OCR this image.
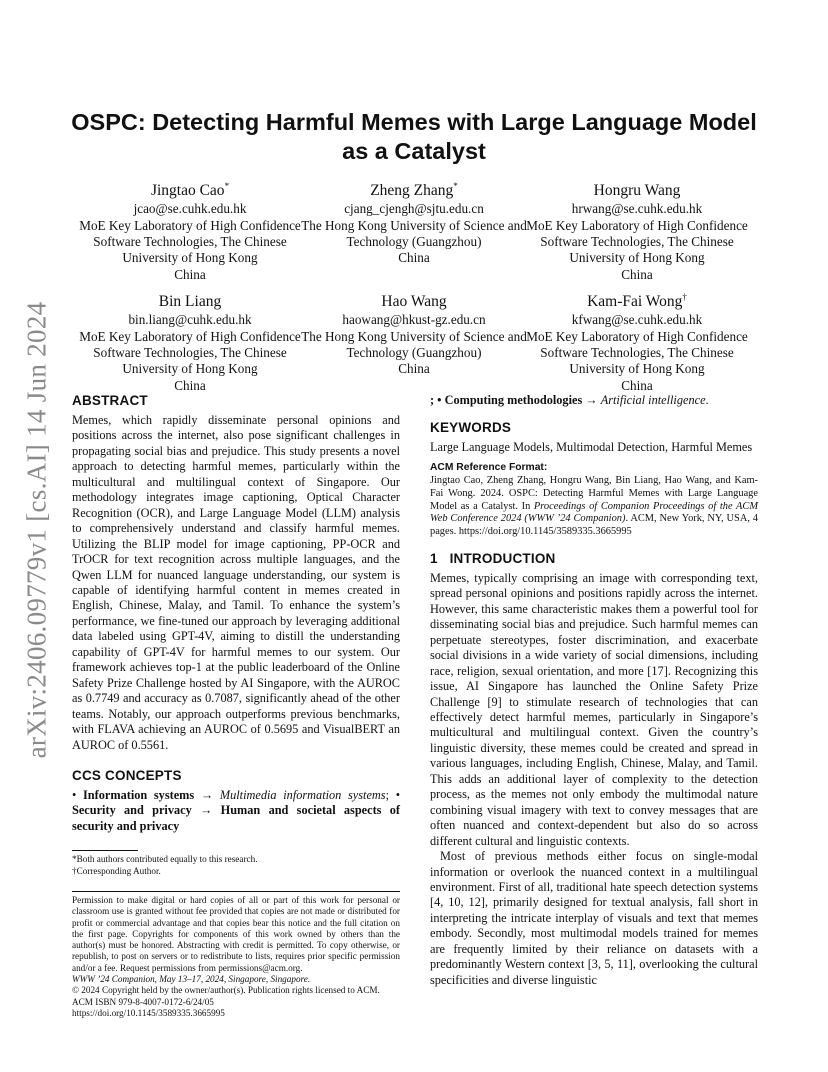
arXiv:2406.09779v1 [cs.AI] 14 Jun 2024
OSPC: Detecting Harmful Memes with Large Language Model as a Catalyst
Jingtao Cao*
jcao@se.cuhk.edu.hk
MoE Key Laboratory of High Confidence Software Technologies, The Chinese University of Hong Kong
China
Zheng Zhang*
cjang_cjengh@sjtu.edu.cn
The Hong Kong University of Science and Technology (Guangzhou)
China
Hongru Wang
hrwang@se.cuhk.edu.hk
MoE Key Laboratory of High Confidence Software Technologies, The Chinese University of Hong Kong
China
Bin Liang
bin.liang@cuhk.edu.hk
MoE Key Laboratory of High Confidence Software Technologies, The Chinese University of Hong Kong
China
Hao Wang
haowang@hkust-gz.edu.cn
The Hong Kong University of Science and Technology (Guangzhou)
China
Kam-Fai Wong†
kfwang@se.cuhk.edu.hk
MoE Key Laboratory of High Confidence Software Technologies, The Chinese University of Hong Kong
China
ABSTRACT
Memes, which rapidly disseminate personal opinions and positions across the internet, also pose significant challenges in propagating social bias and prejudice. This study presents a novel approach to detecting harmful memes, particularly within the multicultural and multilingual context of Singapore. Our methodology integrates image captioning, Optical Character Recognition (OCR), and Large Language Model (LLM) analysis to comprehensively understand and classify harmful memes. Utilizing the BLIP model for image captioning, PP-OCR and TrOCR for text recognition across multiple languages, and the Qwen LLM for nuanced language understanding, our system is capable of identifying harmful content in memes created in English, Chinese, Malay, and Tamil. To enhance the system’s performance, we fine-tuned our approach by leveraging additional data labeled using GPT-4V, aiming to distill the understanding capability of GPT-4V for harmful memes to our system. Our framework achieves top-1 at the public leaderboard of the Online Safety Prize Challenge hosted by AI Singapore, with the AUROC as 0.7749 and accuracy as 0.7087, significantly ahead of the other teams. Notably, our approach outperforms previous benchmarks, with FLAVA achieving an AUROC of 0.5695 and VisualBERT an AUROC of 0.5561.
CCS CONCEPTS
• Information systems → Multimedia information systems; • Security and privacy → Human and societal aspects of security and privacy
*Both authors contributed equally to this research.
†Corresponding Author.
Permission to make digital or hard copies of all or part of this work for personal or classroom use is granted without fee provided that copies are not made or distributed for profit or commercial advantage and that copies bear this notice and the full citation on the first page. Copyrights for components of this work owned by others than the author(s) must be honored. Abstracting with credit is permitted. To copy otherwise, or republish, to post on servers or to redistribute to lists, requires prior specific permission and/or a fee. Request permissions from permissions@acm.org.
WWW ’24 Companion, May 13–17, 2024, Singapore, Singapore.
© 2024 Copyright held by the owner/author(s). Publication rights licensed to ACM.
ACM ISBN 979-8-4007-0172-6/24/05
https://doi.org/10.1145/3589335.3665995
; • Computing methodologies → Artificial intelligence.
KEYWORDS
Large Language Models, Multimodal Detection, Harmful Memes
ACM Reference Format:
Jingtao Cao, Zheng Zhang, Hongru Wang, Bin Liang, Hao Wang, and Kam-Fai Wong. 2024. OSPC: Detecting Harmful Memes with Large Language Model as a Catalyst. In Proceedings of Companion Proceedings of the ACM Web Conference 2024 (WWW ’24 Companion). ACM, New York, NY, USA, 4 pages. https://doi.org/10.1145/3589335.3665995
1 INTRODUCTION
Memes, typically comprising an image with corresponding text, spread personal opinions and positions rapidly across the internet. However, this same characteristic makes them a powerful tool for disseminating social bias and prejudice. Such harmful memes can perpetuate stereotypes, foster discrimination, and exacerbate social divisions in a wide variety of social dimensions, including race, religion, sexual orientation, and more [17]. Recognizing this issue, AI Singapore has launched the Online Safety Prize Challenge [9] to stimulate research of technologies that can effectively detect harmful memes, particularly in Singapore’s multicultural and multilingual context. Given the country’s linguistic diversity, these memes could be created and spread in various languages, including English, Chinese, Malay, and Tamil. This adds an additional layer of complexity to the detection process, as the memes not only embody the multimodal nature combining visual imagery with text to convey messages that are often nuanced and context-dependent but also do so across different cultural and linguistic contexts.
Most of previous methods either focus on single-modal information or overlook the nuanced context in a multilingual environment. First of all, traditional hate speech detection systems [4, 10, 12], primarily designed for textual analysis, fall short in interpreting the intricate interplay of visuals and text that memes embody. Secondly, most multimodal models trained for memes are frequently limited by their reliance on datasets with a predominantly Western context [3, 5, 11], overlooking the cultural specificities and diverse linguistic
